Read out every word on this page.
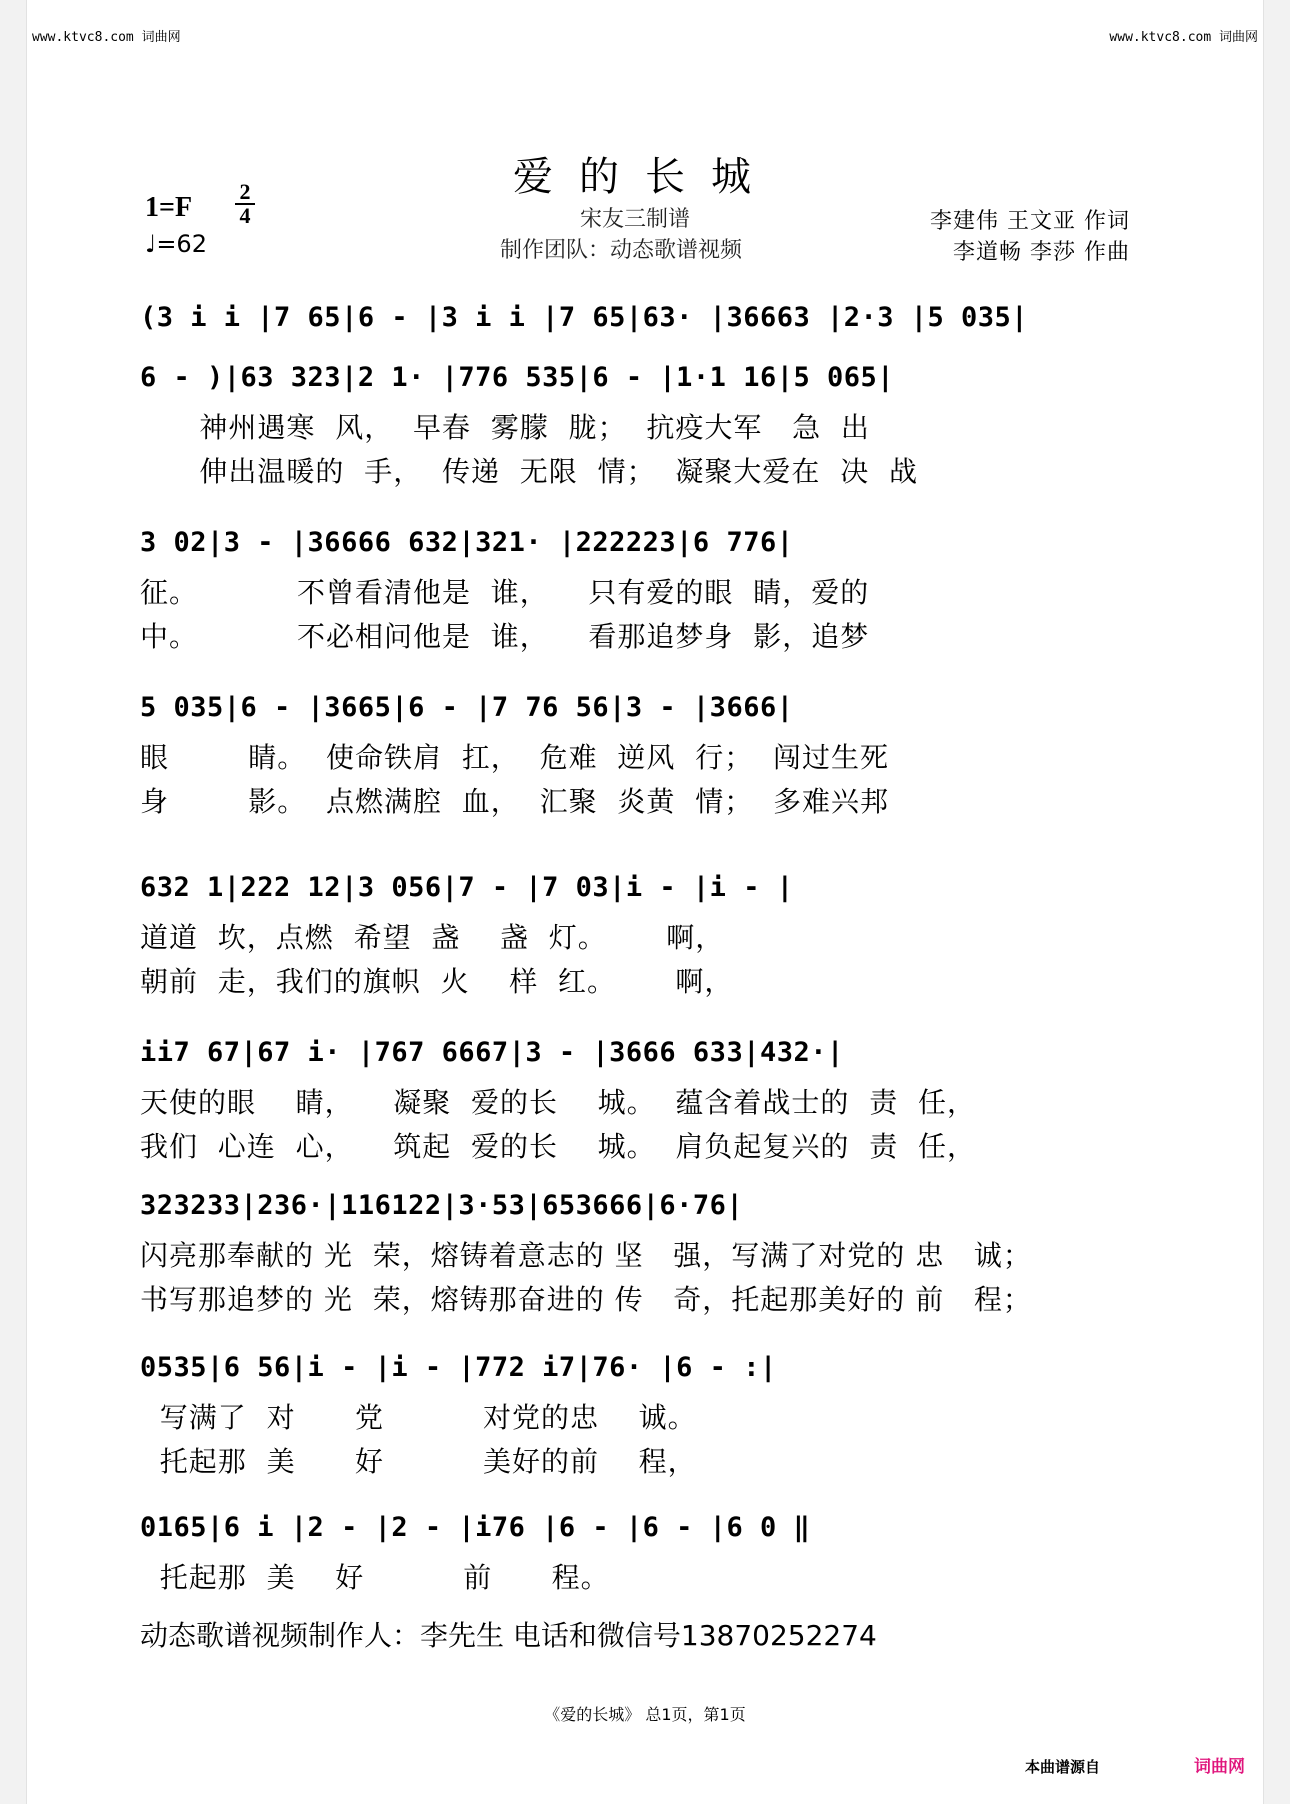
www.ktvc8.com 词曲网	www.ktvc8.com 词曲网
爱的长城
1=F
2
4
♩=62
宋友三制谱
制作团队：动态歌谱视频
李建伟 王文亚 作词
李道畅 李莎 作曲
(3 i i |7 65|6 - |3 i i |7 65|63· |36663 |2·3 |5 035|
6 - )|63 323|2 1· |776 535|6 - |1·1 16|5 065|
神州遇寒  风，  早春  雾朦  胧；  抗疫大军   急  出
伸出温暖的  手，  传递  无限  情；  凝聚大爱在  决  战
3 02|3 - |36666 632|321· |222223|6 776|
征。          不曾看清他是  谁，    只有爱的眼  睛，爱的
中。          不必相问他是  谁，    看那追梦身  影，追梦
5 035|6 - |3665|6 - |7 76 56|3 - |3666|
眼        睛。  使命铁肩  扛，  危难  逆风  行；  闯过生死
身        影。  点燃满腔  血，  汇聚  炎黄  情；  多难兴邦
632 1|222 12|3 056|7 - |7 03|i - |i - |
道道  坎，点燃  希望  盏    盏  灯。      啊，
朝前  走，我们的旗帜  火    样  红。      啊，
ii7 67|67 i· |767 6667|3 - |3666 633|432·|
天使的眼    睛，    凝聚  爱的长    城。  蕴含着战士的  责  任，
我们  心连  心，    筑起  爱的长    城。  肩负起复兴的  责  任，
323233|236·|116122|3·53|653666|6·76|
闪亮那奉献的 光  荣，熔铸着意志的 坚   强，写满了对党的 忠   诚；
书写那追梦的 光  荣，熔铸那奋进的 传   奇，托起那美好的 前   程；
0535|6 56|i - |i - |772 i7|76· |6 - :|
写满了  对      党          对党的忠    诚。
托起那  美      好          美好的前    程，
0165|6 i |2 - |2 - |i76 |6 - |6 - |6 0 ‖
托起那  美    好          前      程。
动态歌谱视频制作人：李先生 电话和微信号13870252274
《爱的长城》 总1页，第1页
本曲谱源自	词曲网
